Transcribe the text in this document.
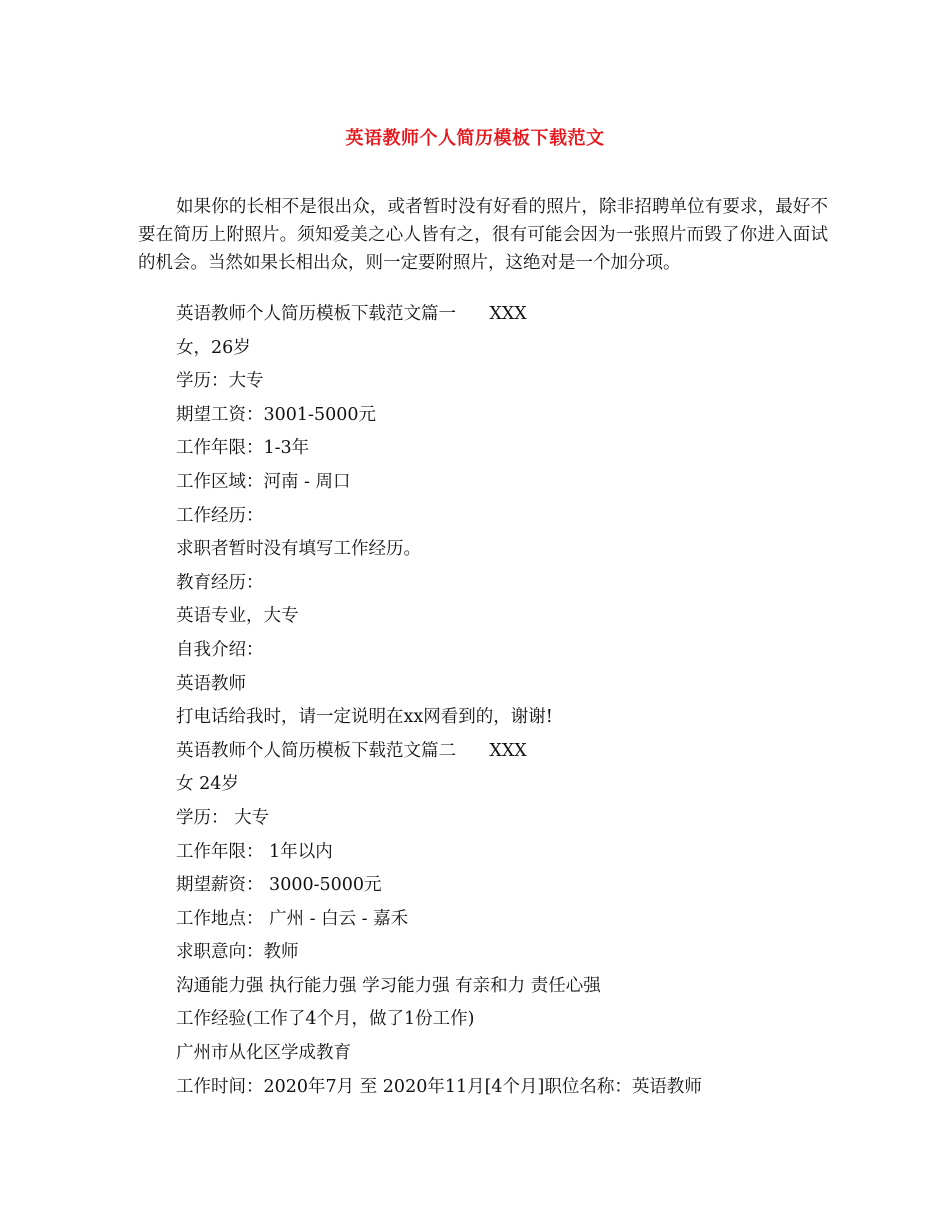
英语教师个人简历模板下载范文

如果你的长相不是很出众，或者暂时没有好看的照片，除非招聘单位有要求，最好不要在简历上附照片。须知爱美之心人皆有之，很有可能会因为一张照片而毁了你进入面试的机会。当然如果长相出众，则一定要附照片，这绝对是一个加分项。

英语教师个人简历模板下载范文篇一      XXX
女，26岁
学历：大专
期望工资：3001-5000元
工作年限：1-3年
工作区域：河南 - 周口
工作经历：
求职者暂时没有填写工作经历。
教育经历：
英语专业，大专
自我介绍：
英语教师
打电话给我时，请一定说明在xx网看到的，谢谢!
英语教师个人简历模板下载范文篇二      XXX
女 24岁
学历： 大专
工作年限： 1年以内
期望薪资： 3000-5000元
工作地点： 广州 - 白云 - 嘉禾
求职意向：教师
沟通能力强 执行能力强 学习能力强 有亲和力 责任心强
工作经验(工作了4个月，做了1份工作)
广州市从化区学成教育
工作时间：2020年7月 至 2020年11月[4个月]职位名称：英语教师
